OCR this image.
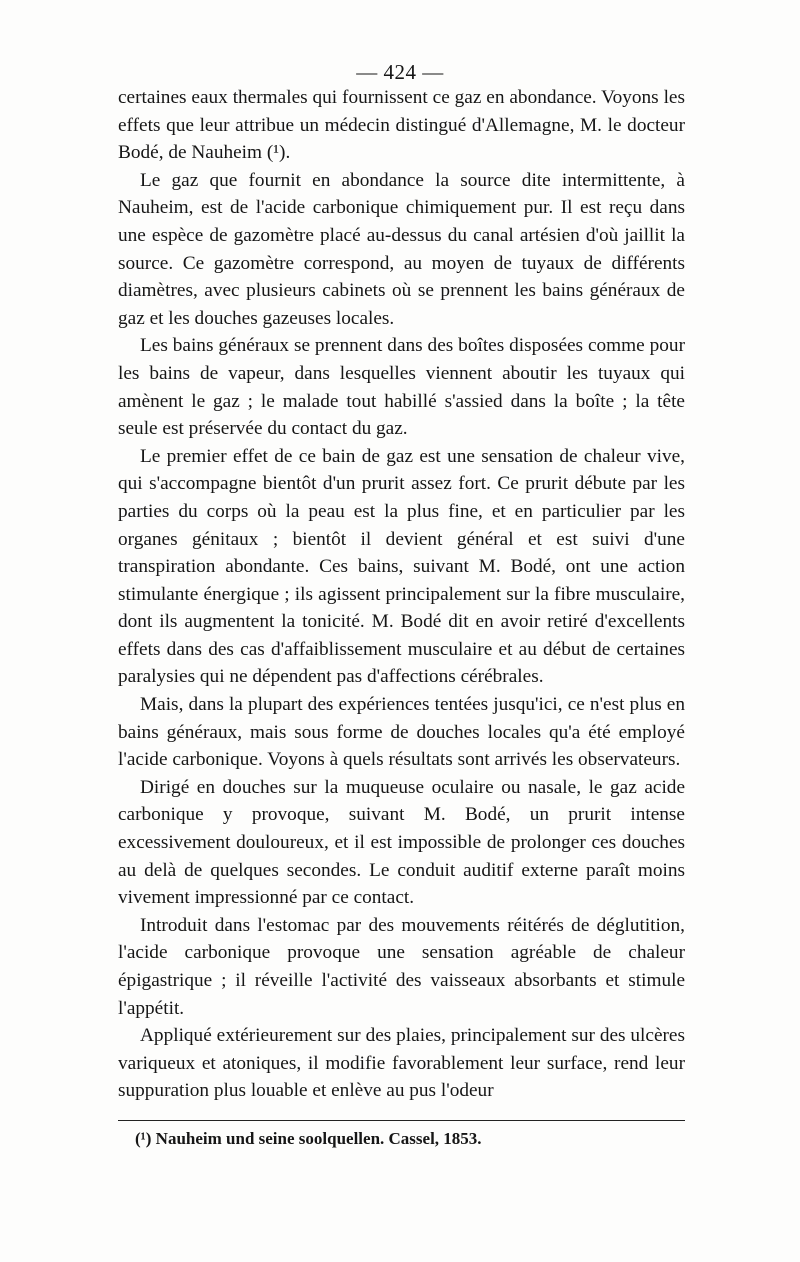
— 424 —

certaines eaux thermales qui fournissent ce gaz en abondance. Voyons les effets que leur attribue un médecin distingué d'Allemagne, M. le docteur Bodé, de Nauheim (¹).

Le gaz que fournit en abondance la source dite intermittente, à Nauheim, est de l'acide carbonique chimiquement pur. Il est reçu dans une espèce de gazomètre placé au-dessus du canal artésien d'où jaillit la source. Ce gazomètre correspond, au moyen de tuyaux de différents diamètres, avec plusieurs cabinets où se prennent les bains généraux de gaz et les douches gazeuses locales.

Les bains généraux se prennent dans des boîtes disposées comme pour les bains de vapeur, dans lesquelles viennent aboutir les tuyaux qui amènent le gaz ; le malade tout habillé s'assied dans la boîte ; la tête seule est préservée du contact du gaz.

Le premier effet de ce bain de gaz est une sensation de chaleur vive, qui s'accompagne bientôt d'un prurit assez fort. Ce prurit débute par les parties du corps où la peau est la plus fine, et en particulier par les organes génitaux ; bientôt il devient général et est suivi d'une transpiration abondante. Ces bains, suivant M. Bodé, ont une action stimulante énergique ; ils agissent principalement sur la fibre musculaire, dont ils augmentent la tonicité. M. Bodé dit en avoir retiré d'excellents effets dans des cas d'affaiblissement musculaire et au début de certaines paralysies qui ne dépendent pas d'affections cérébrales.

Mais, dans la plupart des expériences tentées jusqu'ici, ce n'est plus en bains généraux, mais sous forme de douches locales qu'a été employé l'acide carbonique. Voyons à quels résultats sont arrivés les observateurs.

Dirigé en douches sur la muqueuse oculaire ou nasale, le gaz acide carbonique y provoque, suivant M. Bodé, un prurit intense excessivement douloureux, et il est impossible de prolonger ces douches au delà de quelques secondes. Le conduit auditif externe paraît moins vivement impressionné par ce contact.

Introduit dans l'estomac par des mouvements réitérés de déglutition, l'acide carbonique provoque une sensation agréable de chaleur épigastrique ; il réveille l'activité des vaisseaux absorbants et stimule l'appétit.

Appliqué extérieurement sur des plaies, principalement sur des ulcères variqueux et atoniques, il modifie favorablement leur surface, rend leur suppuration plus louable et enlève au pus l'odeur

(¹) Nauheim und seine soolquellen. Cassel, 1853.
